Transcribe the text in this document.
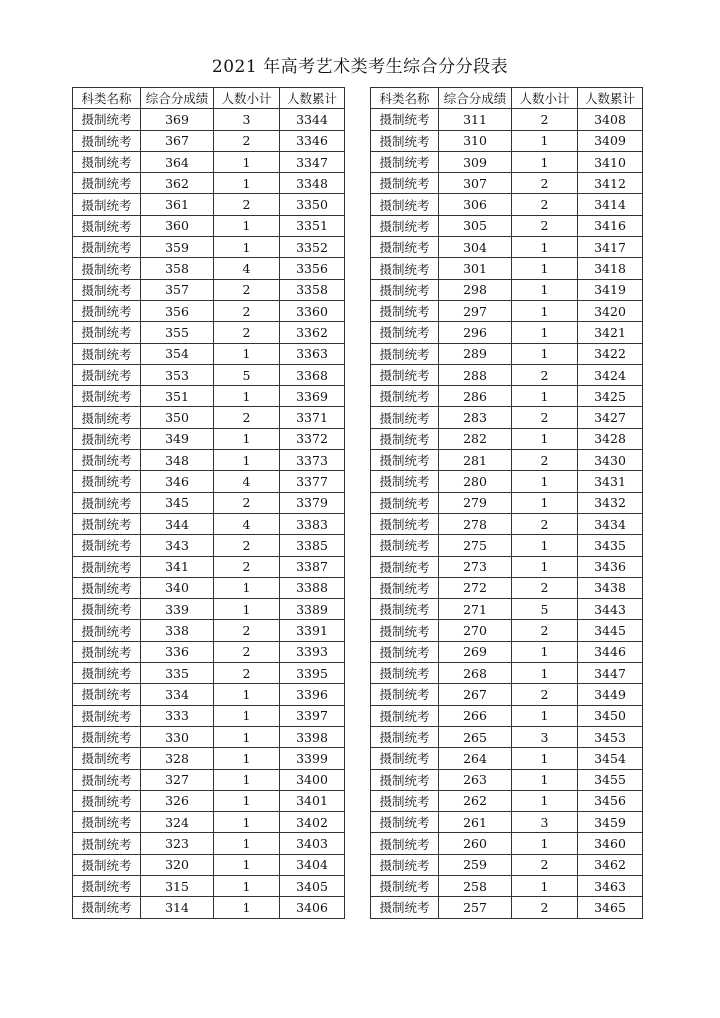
2021 年高考艺术类考生综合分分段表
科类名称	综合分成绩	人数小计	人数累计
摄制统考	369	3	3344
摄制统考	367	2	3346
摄制统考	364	1	3347
摄制统考	362	1	3348
摄制统考	361	2	3350
摄制统考	360	1	3351
摄制统考	359	1	3352
摄制统考	358	4	3356
摄制统考	357	2	3358
摄制统考	356	2	3360
摄制统考	355	2	3362
摄制统考	354	1	3363
摄制统考	353	5	3368
摄制统考	351	1	3369
摄制统考	350	2	3371
摄制统考	349	1	3372
摄制统考	348	1	3373
摄制统考	346	4	3377
摄制统考	345	2	3379
摄制统考	344	4	3383
摄制统考	343	2	3385
摄制统考	341	2	3387
摄制统考	340	1	3388
摄制统考	339	1	3389
摄制统考	338	2	3391
摄制统考	336	2	3393
摄制统考	335	2	3395
摄制统考	334	1	3396
摄制统考	333	1	3397
摄制统考	330	1	3398
摄制统考	328	1	3399
摄制统考	327	1	3400
摄制统考	326	1	3401
摄制统考	324	1	3402
摄制统考	323	1	3403
摄制统考	320	1	3404
摄制统考	315	1	3405
摄制统考	314	1	3406
科类名称	综合分成绩	人数小计	人数累计
摄制统考	311	2	3408
摄制统考	310	1	3409
摄制统考	309	1	3410
摄制统考	307	2	3412
摄制统考	306	2	3414
摄制统考	305	2	3416
摄制统考	304	1	3417
摄制统考	301	1	3418
摄制统考	298	1	3419
摄制统考	297	1	3420
摄制统考	296	1	3421
摄制统考	289	1	3422
摄制统考	288	2	3424
摄制统考	286	1	3425
摄制统考	283	2	3427
摄制统考	282	1	3428
摄制统考	281	2	3430
摄制统考	280	1	3431
摄制统考	279	1	3432
摄制统考	278	2	3434
摄制统考	275	1	3435
摄制统考	273	1	3436
摄制统考	272	2	3438
摄制统考	271	5	3443
摄制统考	270	2	3445
摄制统考	269	1	3446
摄制统考	268	1	3447
摄制统考	267	2	3449
摄制统考	266	1	3450
摄制统考	265	3	3453
摄制统考	264	1	3454
摄制统考	263	1	3455
摄制统考	262	1	3456
摄制统考	261	3	3459
摄制统考	260	1	3460
摄制统考	259	2	3462
摄制统考	258	1	3463
摄制统考	257	2	3465
